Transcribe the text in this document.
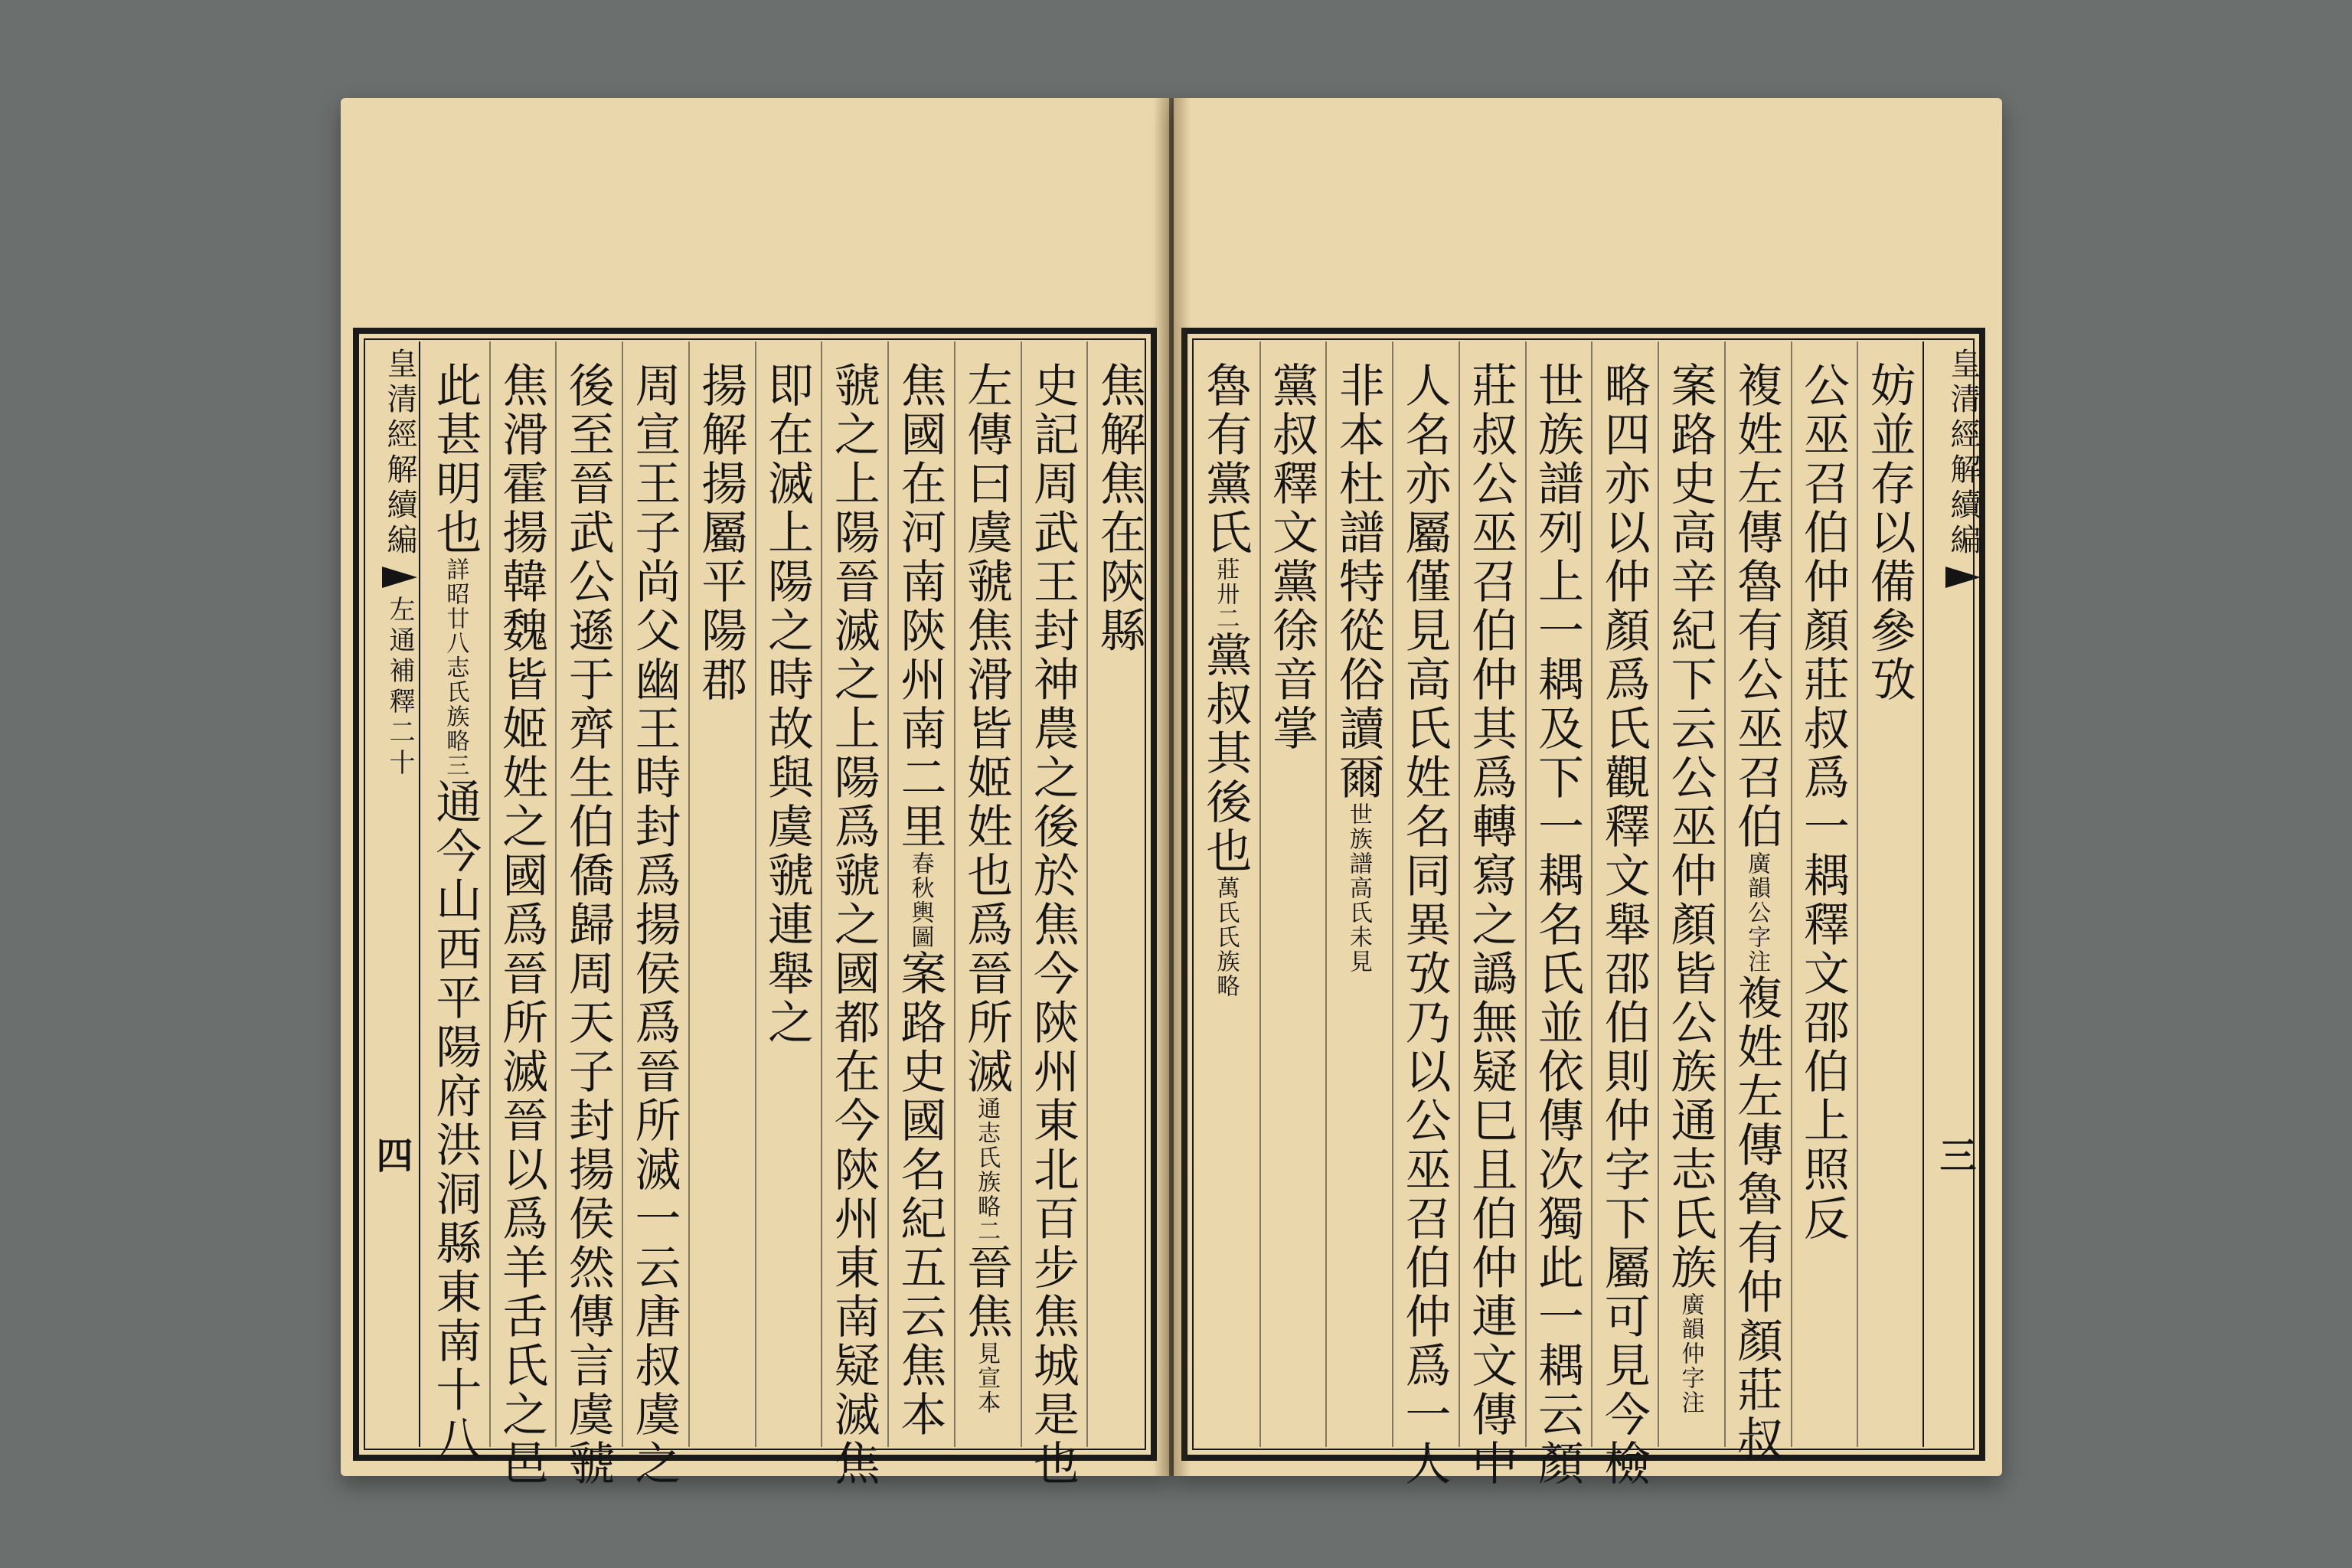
皇清經解續編左通補釋二十
四
焦解焦在陝縣
史記周武王封神農之後於焦今陝州東北百步焦城是也
左傳曰虞虢焦滑皆姬姓也爲晉所滅通志氏族略二晉焦見宣本
焦國在河南陝州南二里春秋輿圖案路史國名紀五云焦本
虢之上陽晉滅之上陽爲虢之國都在今陝州東南疑滅焦
即在滅上陽之時故與虞虢連舉之
揚解揚屬平陽郡
周宣王子尚父幽王時封爲揚侯爲晉所滅一云唐叔虞之
後至晉武公遜于齊生伯僑歸周天子封揚侯然傳言虞虢
焦滑霍揚韓魏皆姬姓之國爲晉所滅晉以爲羊舌氏之邑
此甚明也詳昭廿八志氏族略三通今山西平陽府洪洞縣東南十八
皇清經解續編
三
妨並存以備參攷
公巫召伯仲顏莊叔爲一耦釋文邵伯上照反
複姓左傳魯有公巫召伯廣韻公字注複姓左傳魯有仲顏莊叔
案路史高辛紀下云公巫仲顏皆公族通志氏族廣韻仲字注
略四亦以仲顏爲氏觀釋文舉邵伯則仲字下屬可見今檢
世族譜列上一耦及下一耦名氏並依傳次獨此一耦云顏
莊叔公巫召伯仲其爲轉寫之譌無疑巳且伯仲連文傳中
人名亦屬僅見高氏姓名同異攷乃以公巫召伯仲爲一人
非本杜譜特從俗讀爾世族譜高氏未見
黨叔釋文黨徐音掌
魯有黨氏莊卅二黨叔其後也萬氏氏族略
